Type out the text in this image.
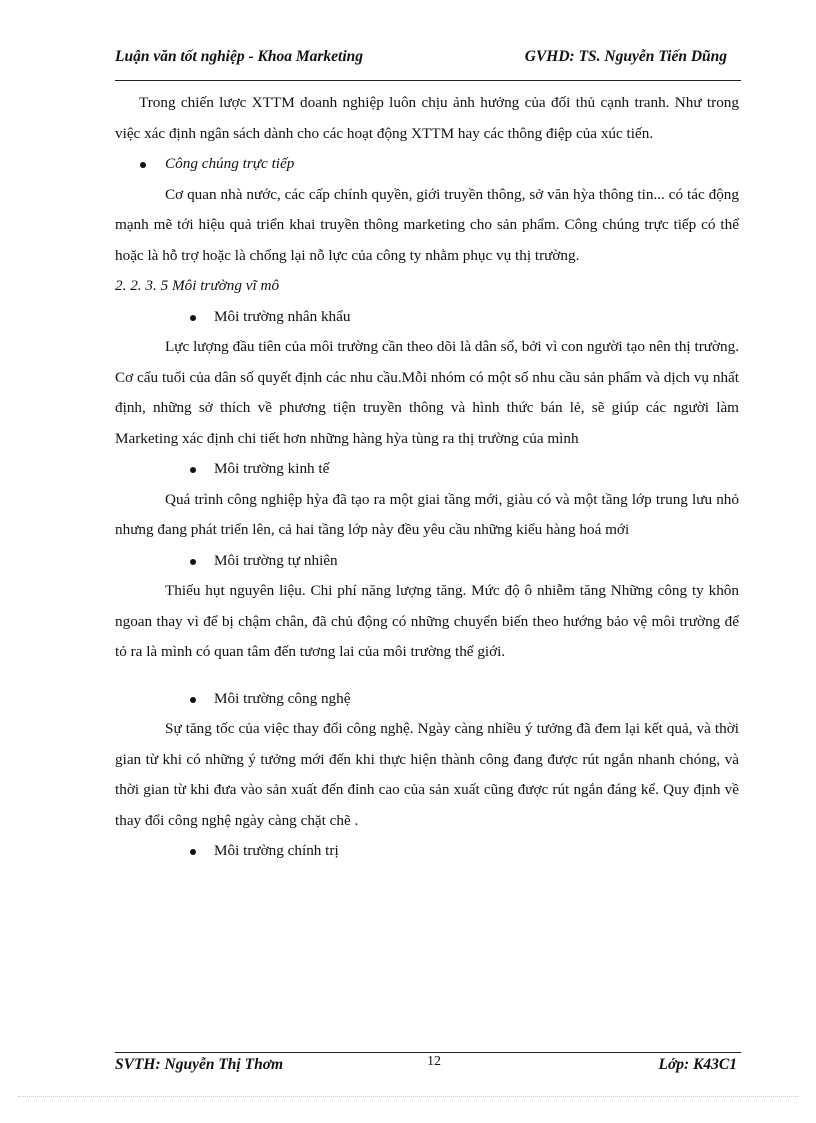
Luận văn tốt nghiệp - Khoa Marketing	GVHD: TS. Nguyễn Tiến Dũng

Trong chiến lược XTTM doanh nghiệp luôn chịu ảnh hưởng của đối thủ cạnh tranh. Như trong việc xác định ngân sách dành cho các hoạt động XTTM hay các thông điệp của xúc tiến.

Công chúng trực tiếp

Cơ quan nhà nước, các cấp chính quyền, giới truyền thông, sở văn hỳa thông tin... có tác động mạnh mẽ tới hiệu quả triển khai truyền thông marketing cho sản phẩm. Công chúng trực tiếp có thể hoặc là hỗ trợ hoặc là chống lại nỗ lực của công ty nhằm phục vụ thị trường.

2. 2. 3. 5 Môi trường vĩ mô

Môi trường nhân khẩu

Lực lượng đầu tiên của môi trường cần theo dõi là dân số, bởi vì con người tạo nên thị trường. Cơ cấu tuổi của dân số quyết định các nhu cầu.Mỗi nhóm có một số nhu cầu sản phẩm và dịch vụ nhất định, những sở thích về phương tiện truyền thông và hình thức bán lẻ, sẽ giúp các người làm Marketing xác định chi tiết hơn những hàng hỳa tùng ra thị trường của mình

Môi trường kinh tế

Quá trình công nghiệp hỳa đã tạo ra một giai tầng mới, giàu có và một tầng lớp trung lưu nhỏ nhưng đang phát triển lên, cả hai tầng lớp này đều yêu cầu những kiểu hàng hoá mới

Môi trường tự nhiên

Thiếu hụt nguyên liệu. Chi phí năng lượng tăng. Mức độ ô nhiễm tăng Những công ty khôn ngoan thay vì để bị chậm chân, đã chủ động có những chuyển biến theo hướng bảo vệ môi trường để tỏ ra là mình có quan tâm đến tương lai của môi trường thế giới.

Môi trường công nghệ

Sự tăng tốc của việc thay đổi công nghệ. Ngày càng nhiều ý tưởng đã đem lại kết quả, và thời gian từ khi có những ý tưởng mới đến khi thực hiện thành công đang được rút ngắn nhanh chóng, và thời gian từ khi đưa vào sản xuất đến đỉnh cao của sản xuất cũng được rút ngắn đáng kể. Quy định về thay đổi công nghệ ngày càng chặt chẽ .

Môi trường chính trị
SVTH: Nguyễn Thị Thơm	12	Lớp: K43C1
